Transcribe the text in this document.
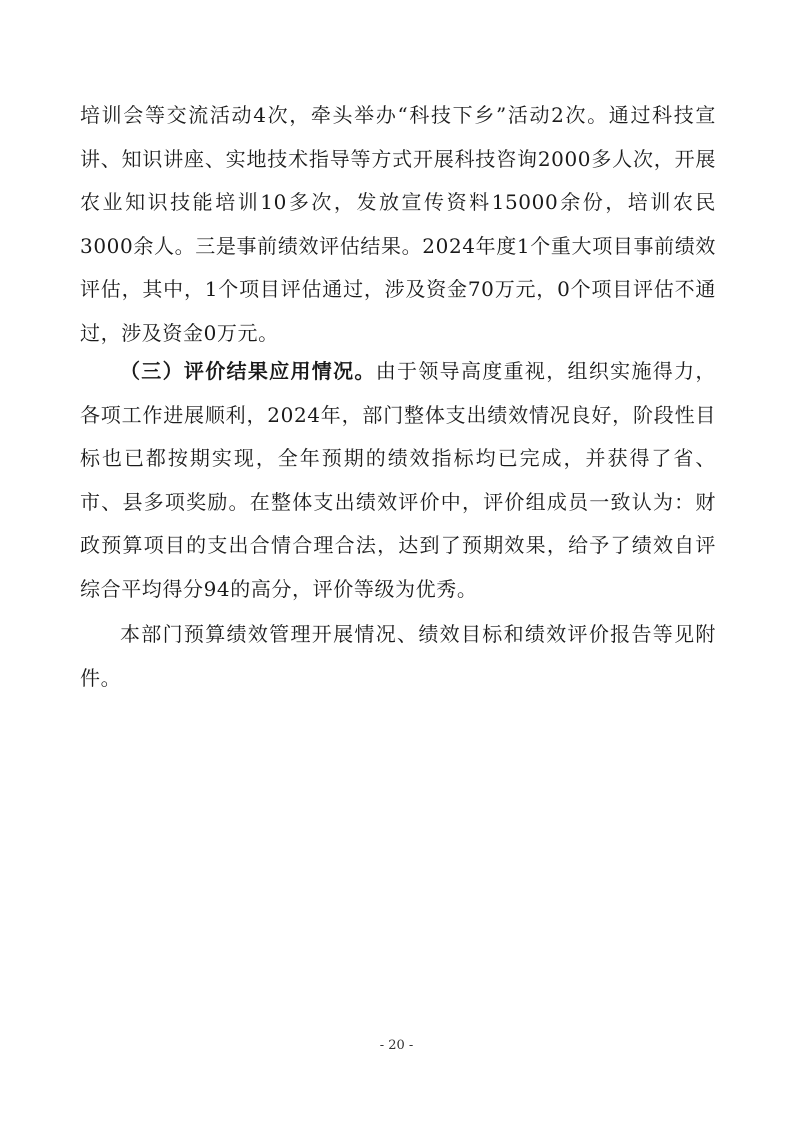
培训会等交流活动4次，牵头举办“科技下乡”活动2次。通过科技宣讲、知识讲座、实地技术指导等方式开展科技咨询2000多人次，开展农业知识技能培训10多次，发放宣传资料15000余份，培训农民3000余人。三是事前绩效评估结果。2024年度1个重大项目事前绩效评估，其中，1个项目评估通过，涉及资金70万元，0个项目评估不通过，涉及资金0万元。

（三）评价结果应用情况。由于领导高度重视，组织实施得力，各项工作进展顺利，2024年，部门整体支出绩效情况良好，阶段性目标也已都按期实现，全年预期的绩效指标均已完成，并获得了省、市、县多项奖励。在整体支出绩效评价中，评价组成员一致认为：财政预算项目的支出合情合理合法，达到了预期效果，给予了绩效自评综合平均得分94的高分，评价等级为优秀。

本部门预算绩效管理开展情况、绩效目标和绩效评价报告等见附件。

- 20 -
